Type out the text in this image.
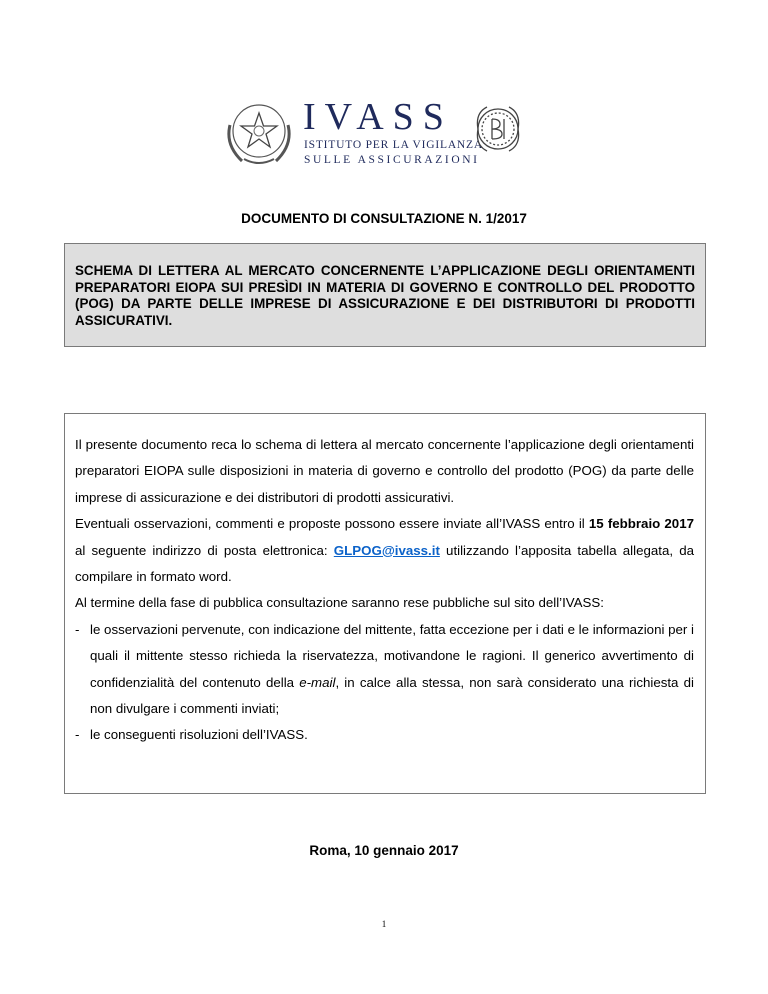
IVASS
ISTITUTO PER LA VIGILANZA
SULLE ASSICURAZIONI
DOCUMENTO DI CONSULTAZIONE N. 1/2017
SCHEMA DI LETTERA AL MERCATO CONCERNENTE L’APPLICAZIONE DEGLI ORIENTAMENTI PREPARATORI EIOPA SUI PRESÌDI IN MATERIA DI GOVERNO E CONTROLLO DEL PRODOTTO (POG) DA PARTE DELLE IMPRESE DI ASSICURAZIONE E DEI DISTRIBUTORI DI PRODOTTI ASSICURATIVI.

Il presente documento reca lo schema di lettera al mercato concernente l’applicazione degli orientamenti preparatori EIOPA sulle disposizioni in materia di governo e controllo del prodotto (POG) da parte delle imprese di assicurazione e dei distributori di prodotti assicurativi.

Eventuali osservazioni, commenti e proposte possono essere inviate all’IVASS entro il 15 febbraio 2017 al seguente indirizzo di posta elettronica: GLPOG@ivass.it utilizzando l’apposita tabella allegata, da compilare in formato word.

Al termine della fase di pubblica consultazione saranno rese pubbliche sul sito dell’IVASS:

- le osservazioni pervenute, con indicazione del mittente, fatta eccezione per i dati e le informazioni per i quali il mittente stesso richieda la riservatezza, motivandone le ragioni. Il generico avvertimento di confidenzialità del contenuto della e-mail, in calce alla stessa, non sarà considerato una richiesta di non divulgare i commenti inviati;
- le conseguenti risoluzioni dell’IVASS.
Roma, 10 gennaio 2017
1
